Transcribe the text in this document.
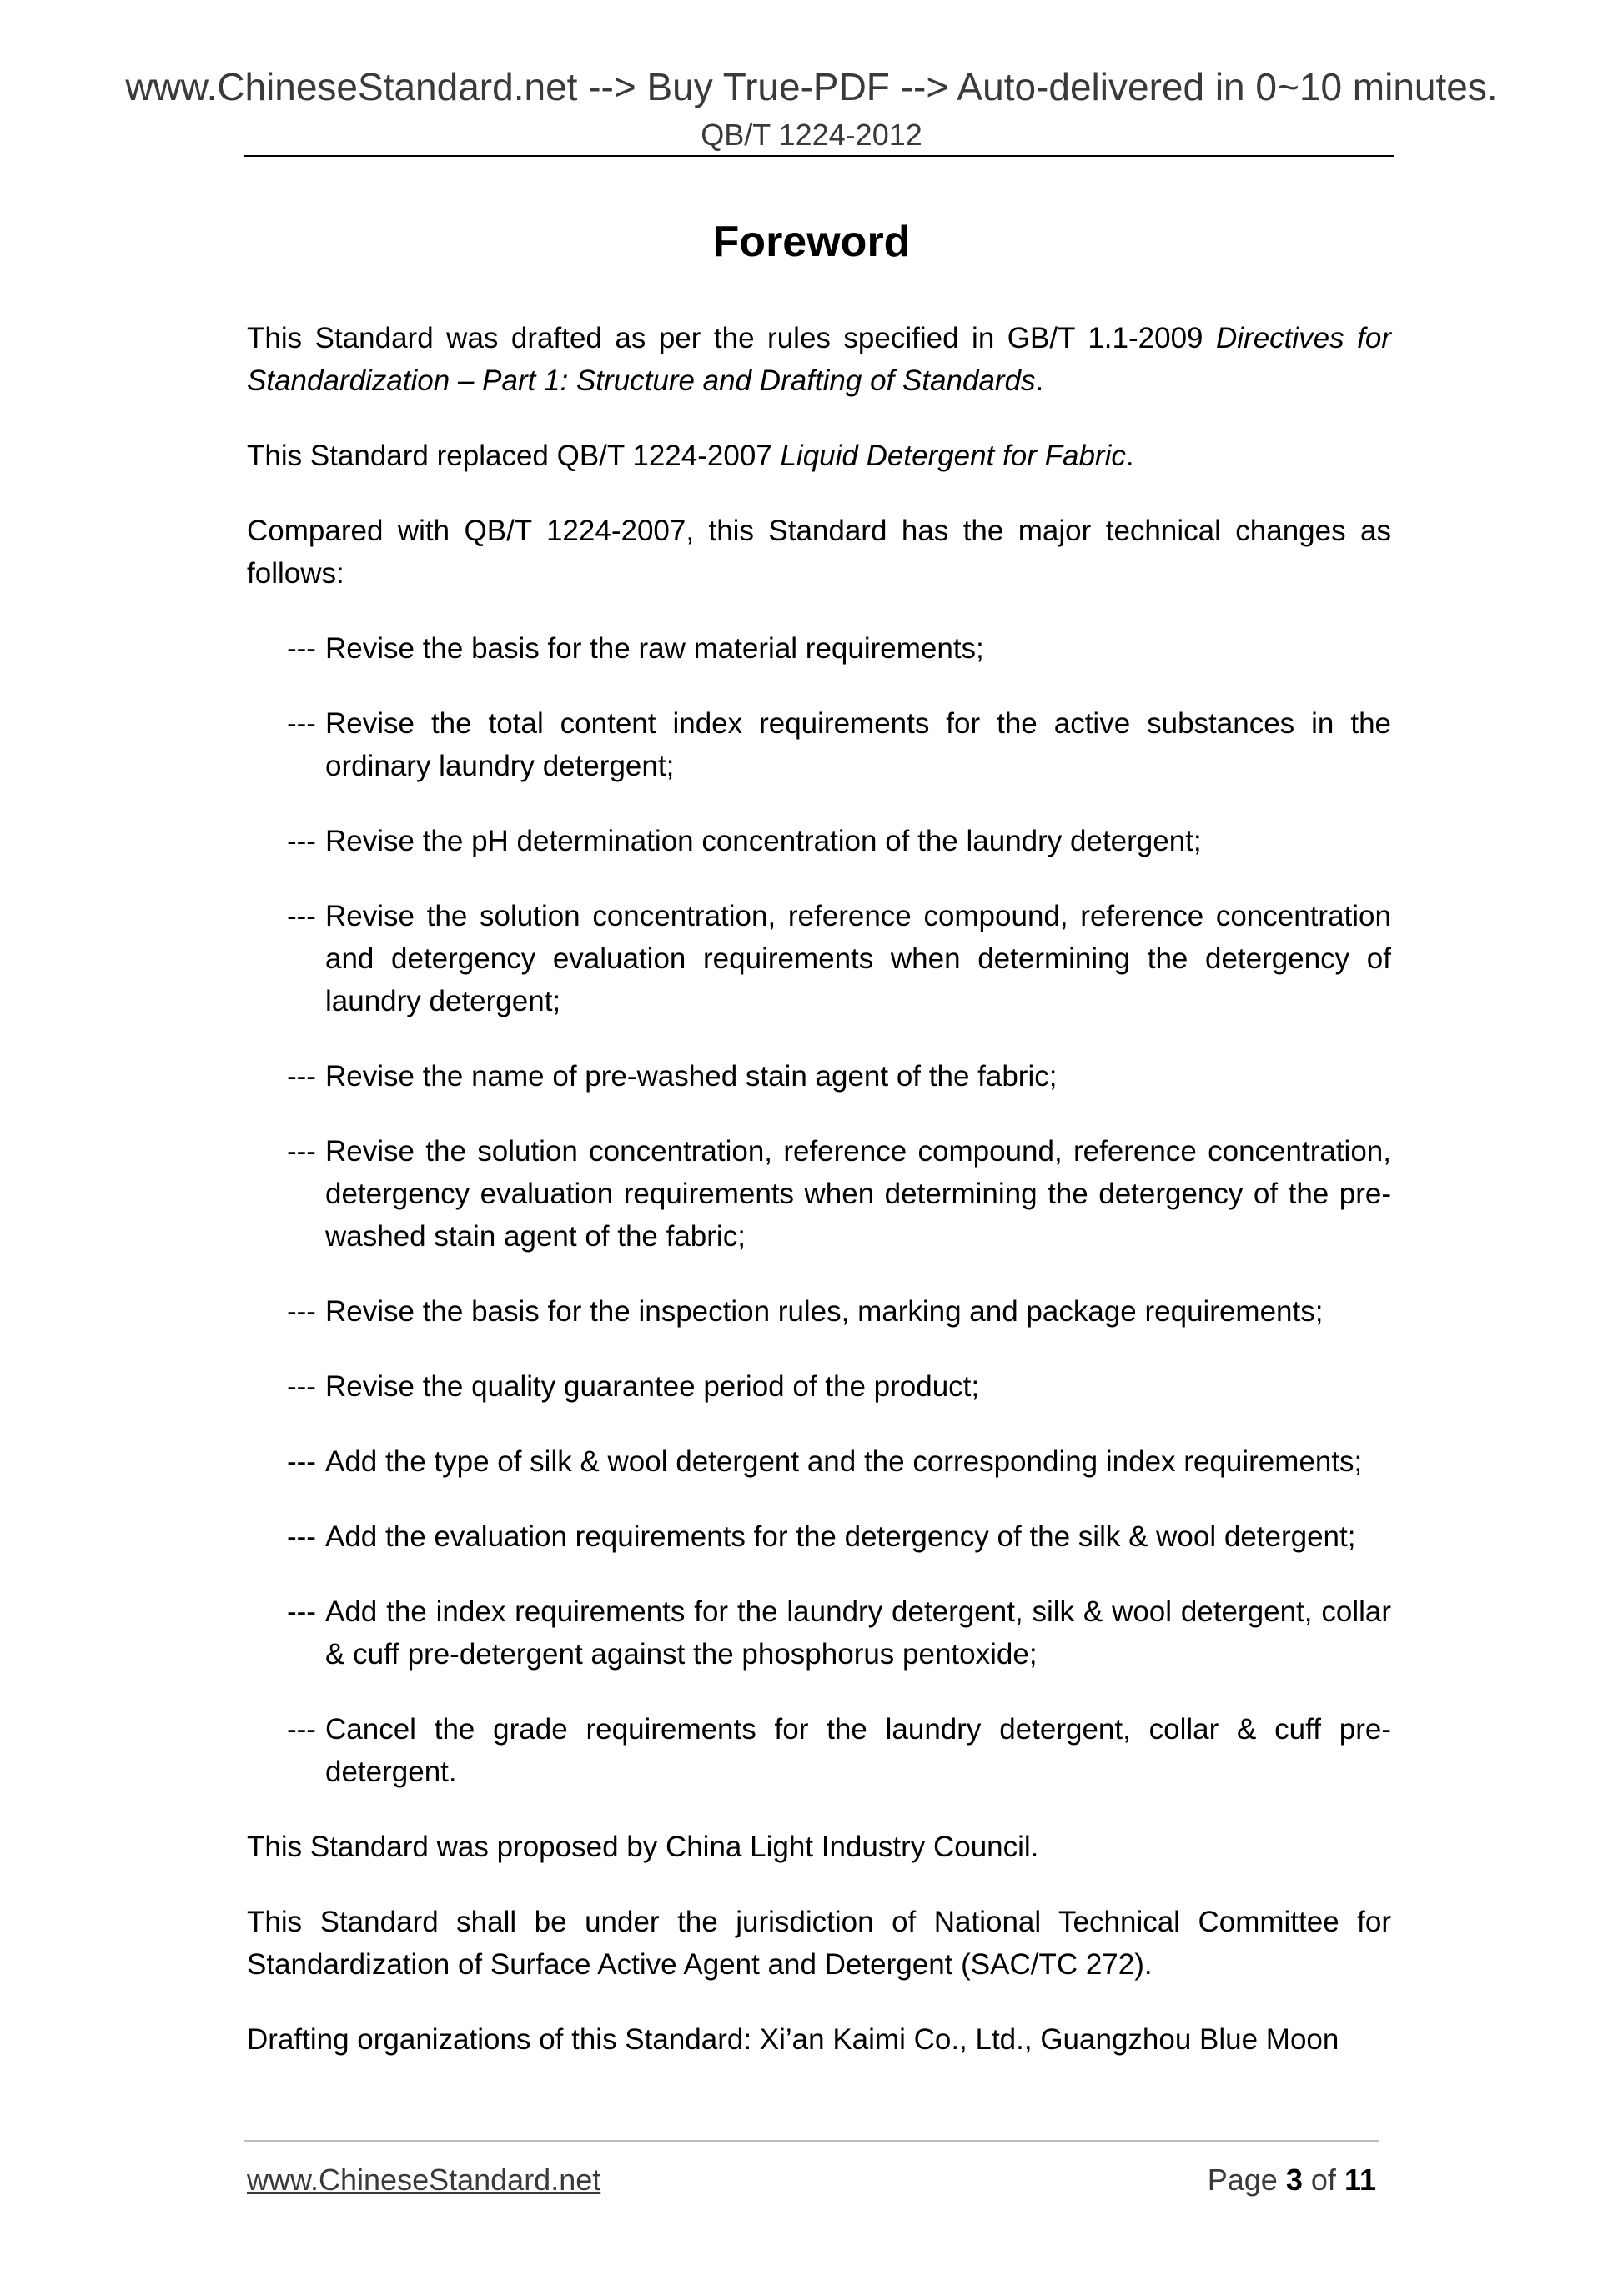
www.ChineseStandard.net --> Buy True-PDF --> Auto-delivered in 0~10 minutes.
QB/T 1224-2012
Foreword

This Standard was drafted as per the rules specified in GB/T 1.1-2009 Directives for Standardization – Part 1: Structure and Drafting of Standards.

This Standard replaced QB/T 1224-2007 Liquid Detergent for Fabric.

Compared with QB/T 1224-2007, this Standard has the major technical changes as follows:

--- Revise the basis for the raw material requirements;

--- Revise the total content index requirements for the active substances in the ordinary laundry detergent;

--- Revise the pH determination concentration of the laundry detergent;

--- Revise the solution concentration, reference compound, reference concentration and detergency evaluation requirements when determining the detergency of laundry detergent;

--- Revise the name of pre-washed stain agent of the fabric;

--- Revise the solution concentration, reference compound, reference concentration, detergency evaluation requirements when determining the detergency of the pre-washed stain agent of the fabric;

--- Revise the basis for the inspection rules, marking and package requirements;

--- Revise the quality guarantee period of the product;

--- Add the type of silk & wool detergent and the corresponding index requirements;

--- Add the evaluation requirements for the detergency of the silk & wool detergent;

--- Add the index requirements for the laundry detergent, silk & wool detergent, collar & cuff pre-detergent against the phosphorus pentoxide;

--- Cancel the grade requirements for the laundry detergent, collar & cuff pre-detergent.

This Standard was proposed by China Light Industry Council.

This Standard shall be under the jurisdiction of National Technical Committee for Standardization of Surface Active Agent and Detergent (SAC/TC 272).

Drafting organizations of this Standard: Xi’an Kaimi Co., Ltd., Guangzhou Blue Moon

www.ChineseStandard.net	Page 3 of 11
